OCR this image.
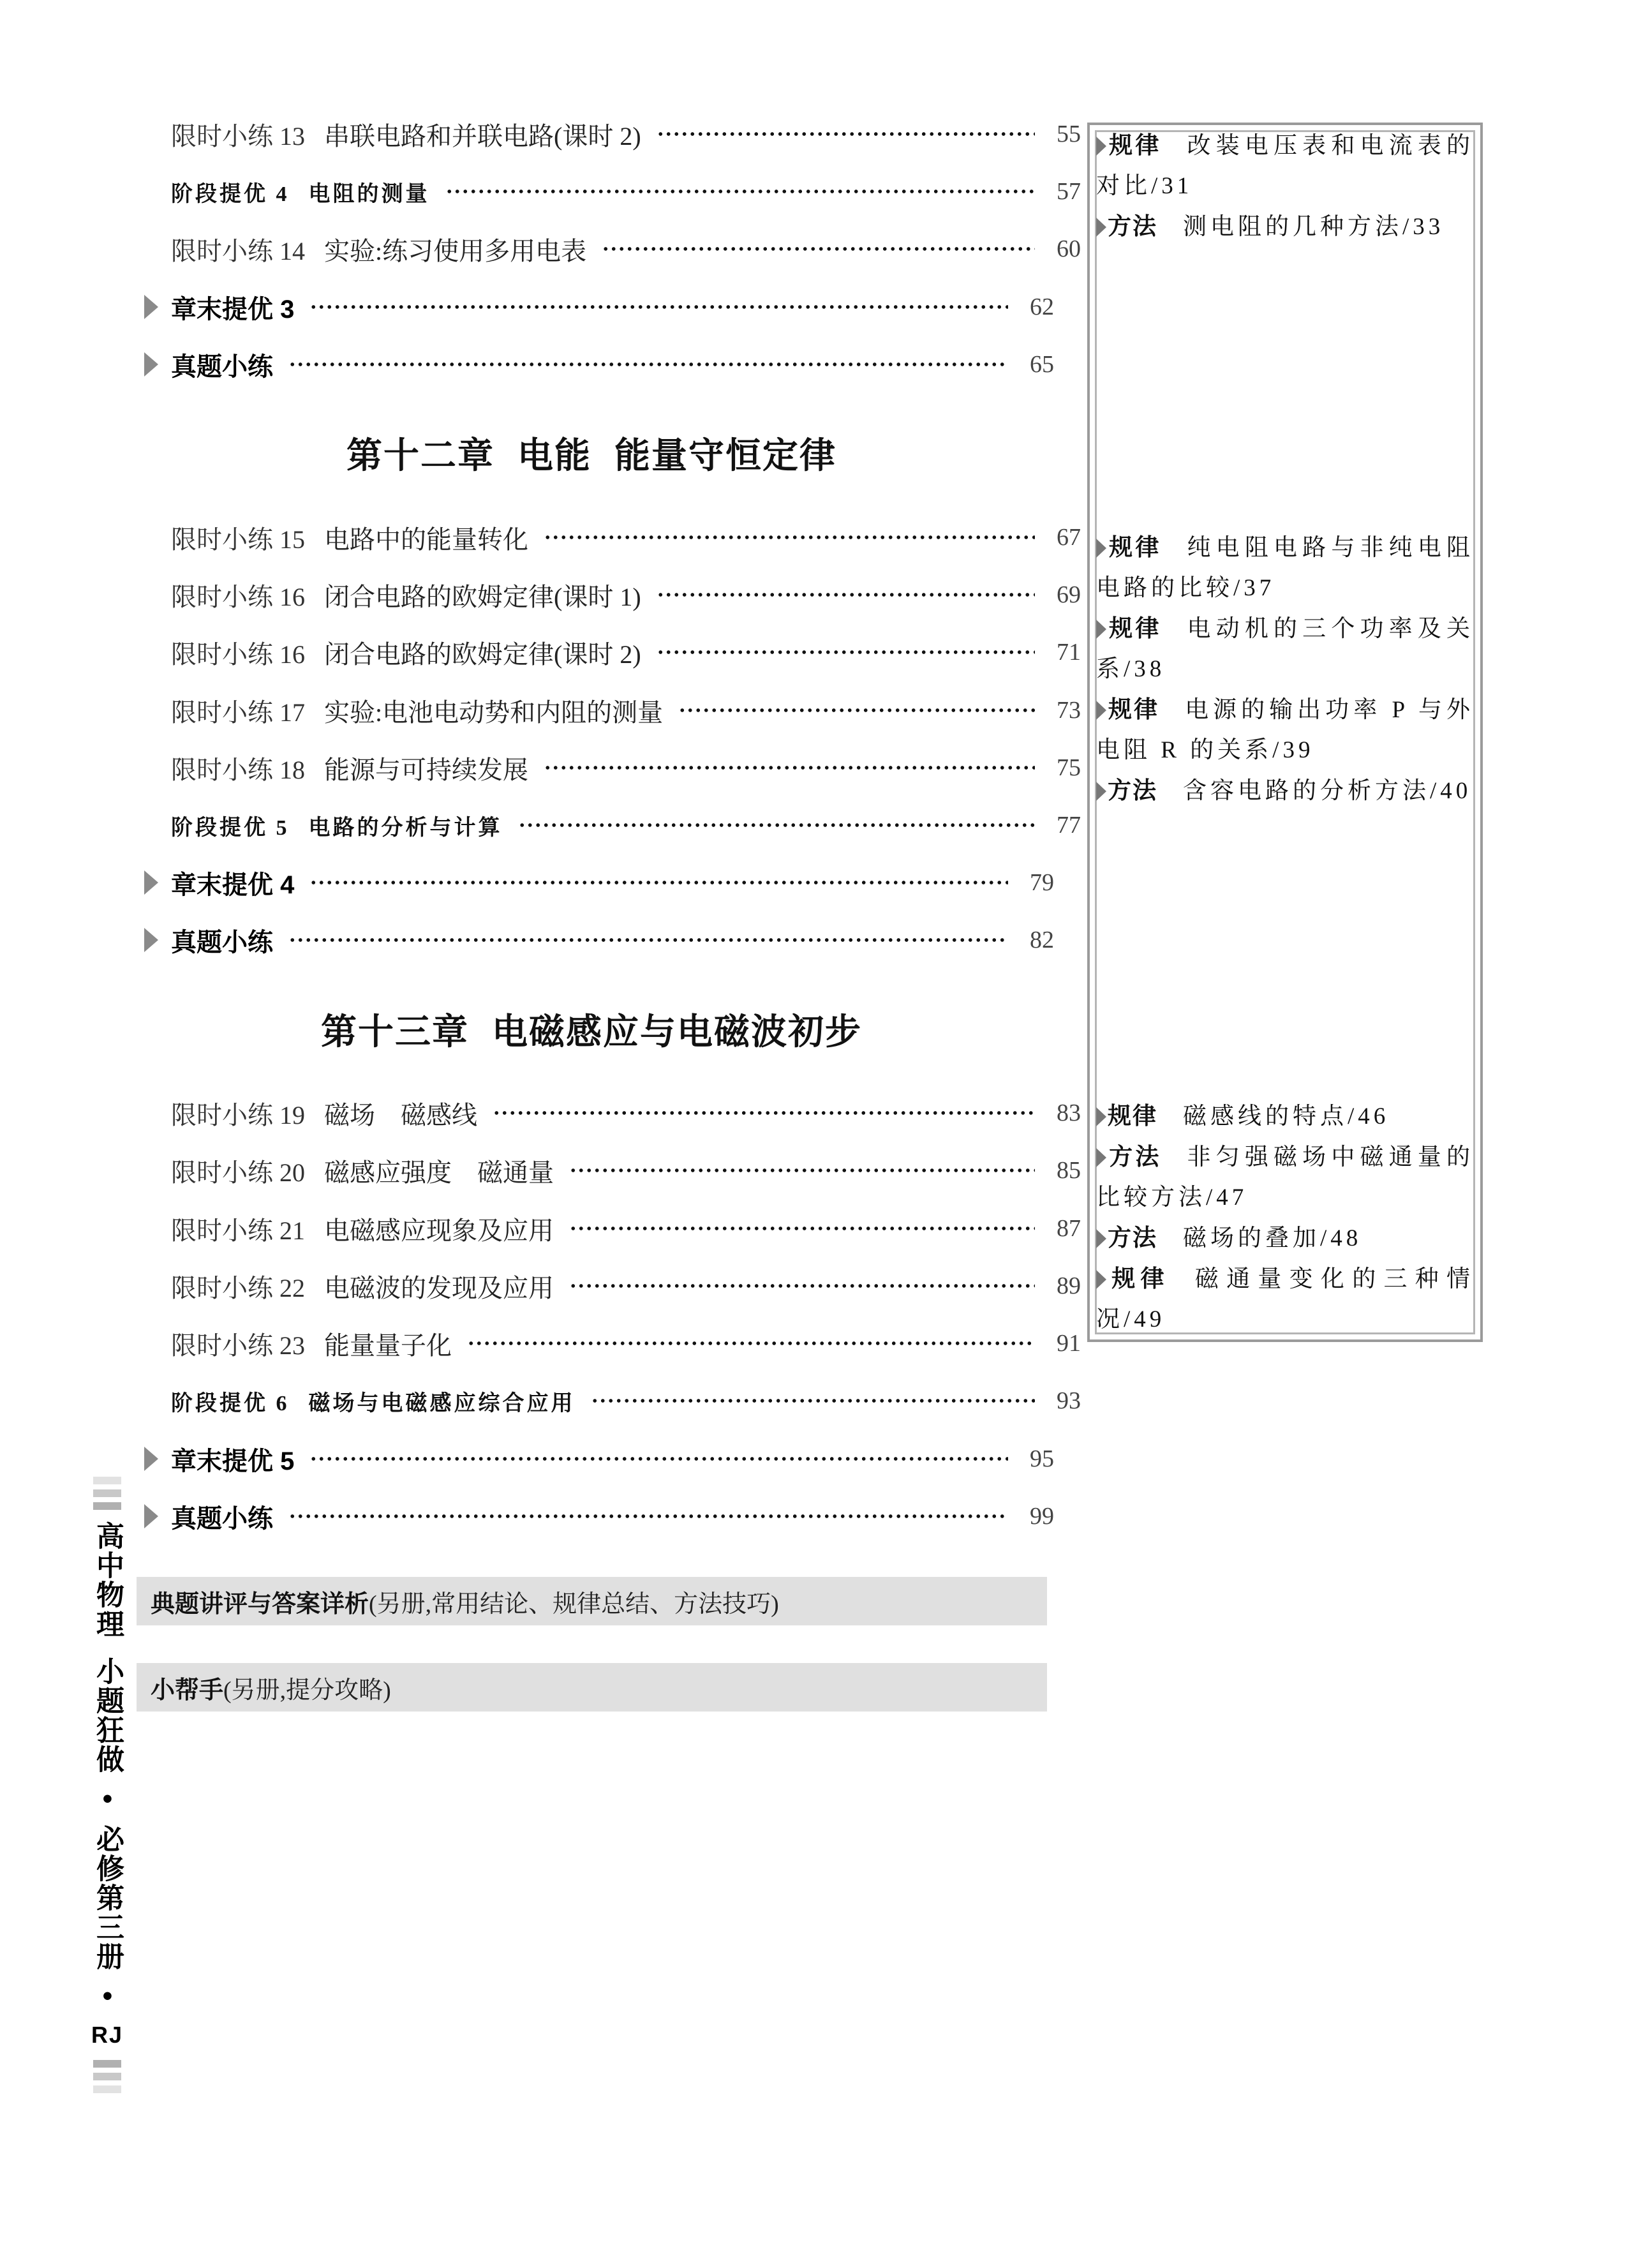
限时小练 13 串联电路和并联电路(课时 2)	55
阶段提优 4 电阻的测量	57
限时小练 14 实验:练习使用多用电表	60
章末提优 3	62
真题小练	65
限时小练 15 电路中的能量转化	67
限时小练 16 闭合电路的欧姆定律(课时 1)	69
限时小练 16 闭合电路的欧姆定律(课时 2)	71
限时小练 17 实验:电池电动势和内阻的测量	73
限时小练 18 能源与可持续发展	75
阶段提优 5 电路的分析与计算	77
章末提优 4	79
真题小练	82
限时小练 19 磁场　磁感线	83
限时小练 20 磁感应强度　磁通量	85
限时小练 21 电磁感应现象及应用	87
限时小练 22 电磁波的发现及应用	89
限时小练 23 能量量子化	91
阶段提优 6 磁场与电磁感应综合应用	93
章末提优 5	95
真题小练	99
第十二章 电能 能量守恒定律
第十三章 电磁感应与电磁波初步
典题讲评与答案详析 (另册,常用结论、规律总结、方法技巧)
小帮手 (另册,提分攻略)
规律 改装电压表和电流表的对比/31
方法 测电阻的几种方法/33
规律 纯电阻电路与非纯电阻电路的比较/37
规律 电动机的三个功率及关系/38
规律 电源的输出功率 P 与外电阻 R 的关系/39
方法 含容电路的分析方法/40
规律 磁感线的特点/46
方法 非匀强磁场中磁通量的比较方法/47
方法 磁场的叠加/48
规律 磁通量变化的三种情况/49
高中物理
小题狂做
•
必修第三册
•
RJ
